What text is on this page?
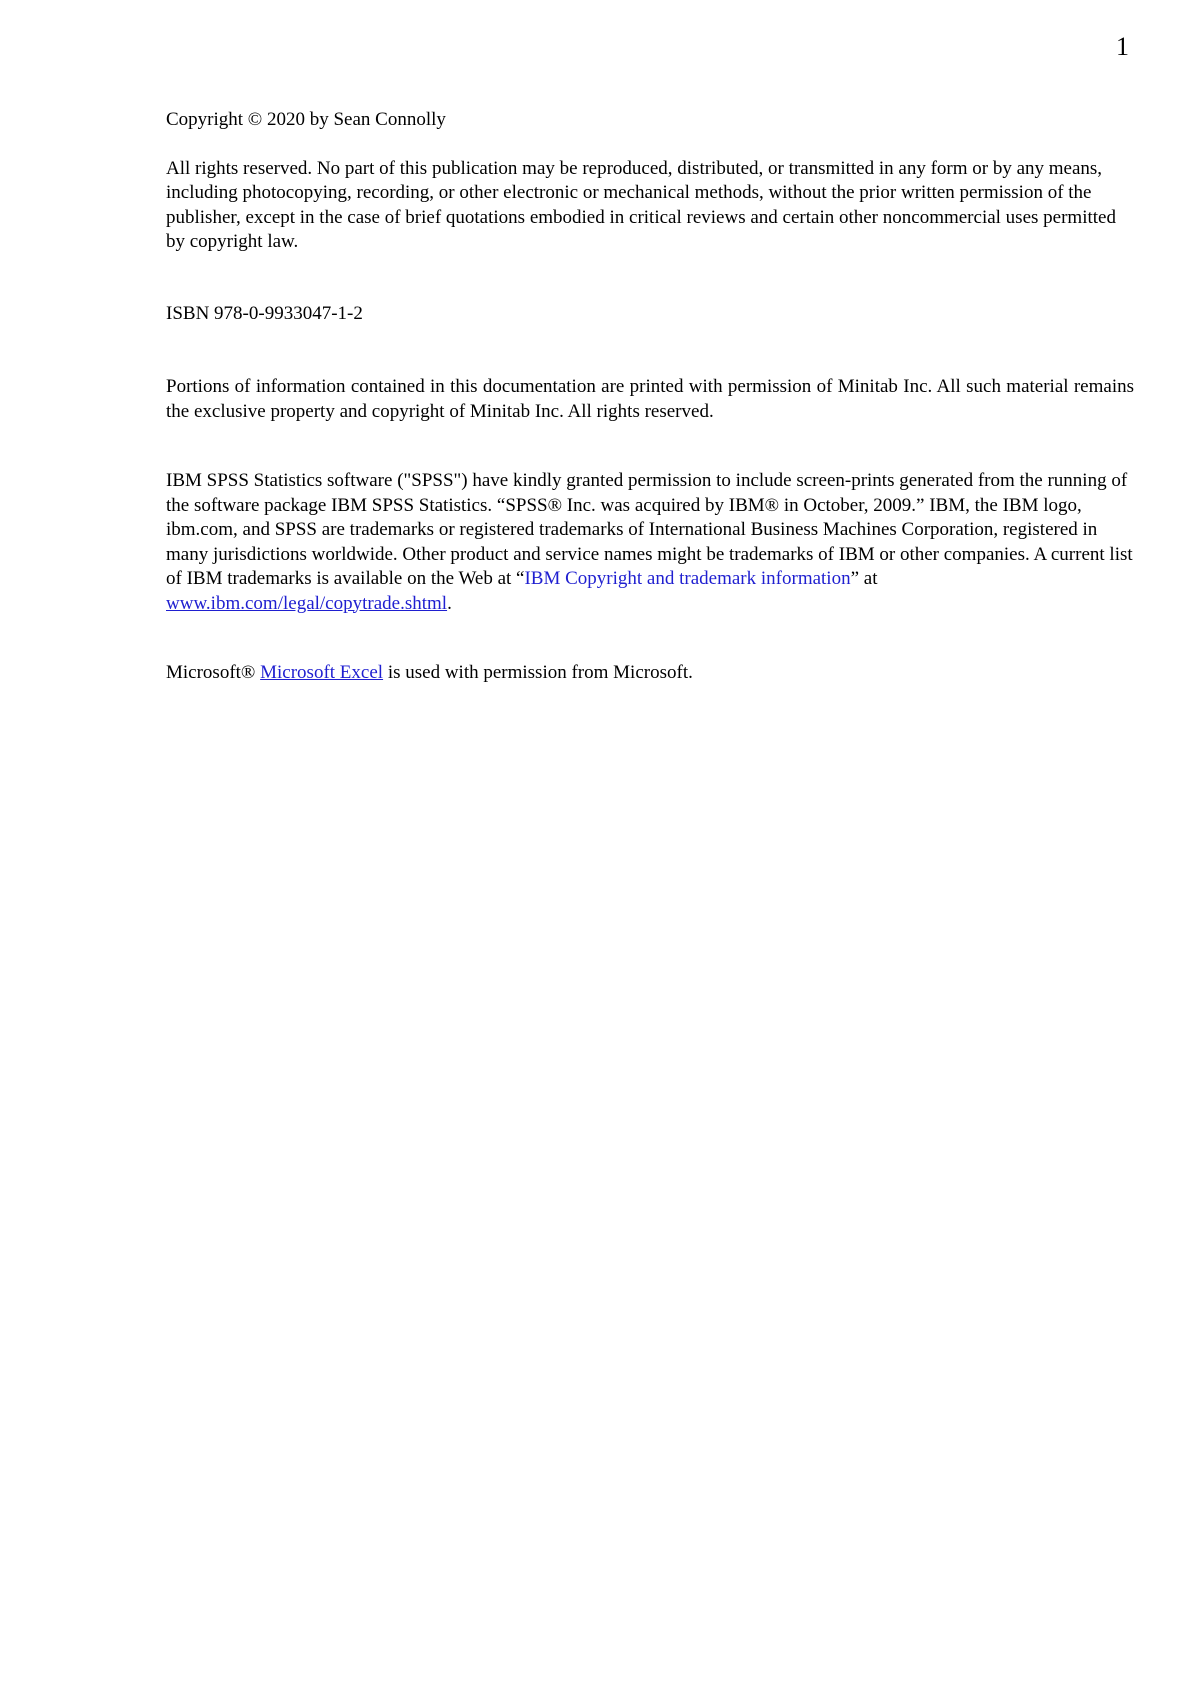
1

Copyright © 2020 by Sean Connolly

All rights reserved. No part of this publication may be reproduced, distributed, or transmitted in any form or by any means, including photocopying, recording, or other electronic or mechanical methods, without the prior written permission of the publisher, except in the case of brief quotations embodied in critical reviews and certain other noncommercial uses permitted by copyright law.

ISBN 978-0-9933047-1-2

Portions of information contained in this documentation are printed with permission of Minitab Inc. All such material remains the exclusive property and copyright of Minitab Inc. All rights reserved.

IBM SPSS Statistics software ("SPSS") have kindly granted permission to include screen-prints generated from the running of the software package IBM SPSS Statistics. “SPSS® Inc. was acquired by IBM® in October, 2009.” IBM, the IBM logo, ibm.com, and SPSS are trademarks or registered trademarks of International Business Machines Corporation, registered in many jurisdictions worldwide. Other product and service names might be trademarks of IBM or other companies. A current list of IBM trademarks is available on the Web at “IBM Copyright and trademark information” at www.ibm.com/legal/copytrade.shtml.

Microsoft® Microsoft Excel is used with permission from Microsoft.
